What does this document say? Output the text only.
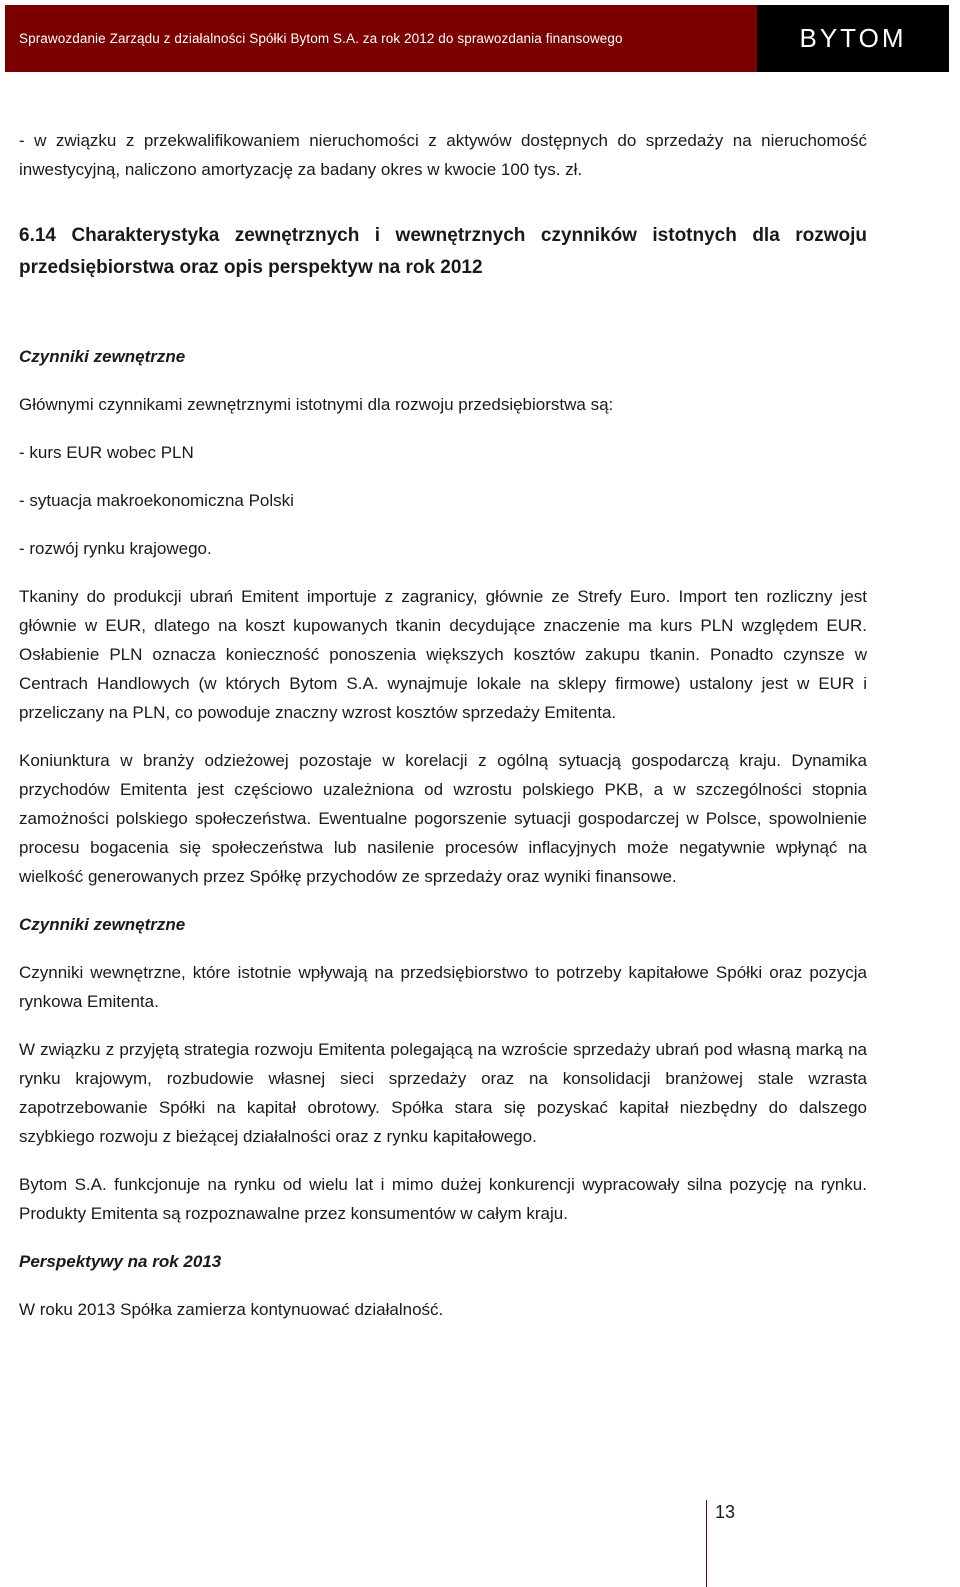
Sprawozdanie Zarządu z działalności Spółki Bytom S.A. za rok 2012 do sprawozdania finansowego	BYTOM

- w związku z przekwalifikowaniem nieruchomości z aktywów dostępnych do sprzedaży na nieruchomość inwestycyjną, naliczono amortyzację za badany okres w kwocie 100 tys. zł.

6.14 Charakterystyka zewnętrznych i wewnętrznych czynników istotnych dla rozwoju przedsiębiorstwa oraz opis perspektyw na rok 2012
Czynniki zewnętrzne

Głównymi czynnikami zewnętrznymi istotnymi dla rozwoju przedsiębiorstwa są:

- kurs EUR wobec PLN

- sytuacja makroekonomiczna Polski

- rozwój rynku krajowego.

Tkaniny do produkcji ubrań Emitent importuje z zagranicy, głównie ze Strefy Euro. Import ten rozliczny jest głównie w EUR, dlatego na koszt kupowanych tkanin decydujące znaczenie ma kurs PLN względem EUR. Osłabienie PLN oznacza konieczność ponoszenia większych kosztów zakupu tkanin. Ponadto czynsze w Centrach Handlowych (w których Bytom S.A. wynajmuje lokale na sklepy firmowe) ustalony jest w EUR i przeliczany na PLN, co powoduje znaczny wzrost kosztów sprzedaży Emitenta.

Koniunktura w branży odzieżowej pozostaje w korelacji z ogólną sytuacją gospodarczą kraju. Dynamika przychodów Emitenta jest częściowo uzależniona od wzrostu polskiego PKB, a w szczególności stopnia zamożności polskiego społeczeństwa. Ewentualne pogorszenie sytuacji gospodarczej w Polsce, spowolnienie procesu bogacenia się społeczeństwa lub nasilenie procesów inflacyjnych może negatywnie wpłynąć na wielkość generowanych przez Spółkę przychodów ze sprzedaży oraz wyniki finansowe.

Czynniki zewnętrzne

Czynniki wewnętrzne, które istotnie wpływają na przedsiębiorstwo to potrzeby kapitałowe Spółki oraz pozycja rynkowa Emitenta.

W związku z przyjętą strategia rozwoju Emitenta polegającą na wzroście sprzedaży ubrań pod własną marką na rynku krajowym, rozbudowie własnej sieci sprzedaży oraz na konsolidacji branżowej stale wzrasta zapotrzebowanie Spółki na kapitał obrotowy. Spółka stara się pozyskać kapitał niezbędny do dalszego szybkiego rozwoju z bieżącej działalności oraz z rynku kapitałowego.

Bytom S.A. funkcjonuje na rynku od wielu lat i mimo dużej konkurencji wypracowały silna pozycję na rynku. Produkty Emitenta są rozpoznawalne przez konsumentów w całym kraju.

Perspektywy na rok 2013

W roku 2013 Spółka zamierza kontynuować działalność.

13
